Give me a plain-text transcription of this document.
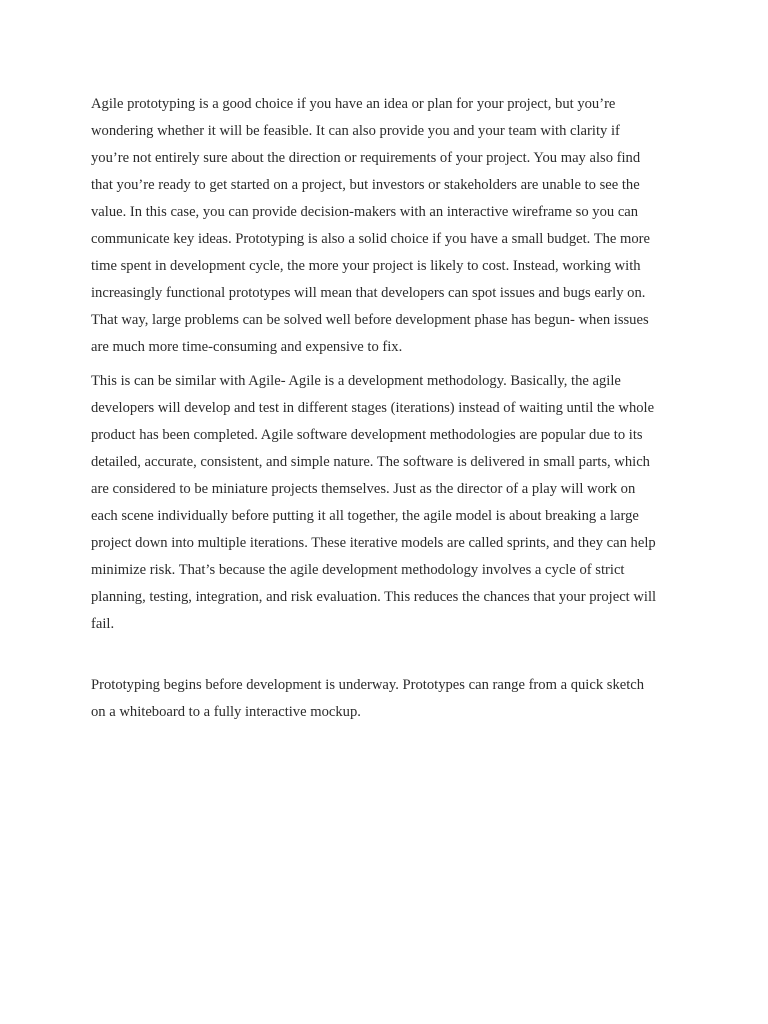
Agile prototyping is a good choice if you have an idea or plan for your project, but you’re
wondering whether it will be feasible. It can also provide you and your team with clarity if
you’re not entirely sure about the direction or requirements of your project. You may also find
that you’re ready to get started on a project, but investors or stakeholders are unable to see the
value. In this case, you can provide decision-makers with an interactive wireframe so you can
communicate key ideas. Prototyping is also a solid choice if you have a small budget. The more
time spent in development cycle, the more your project is likely to cost. Instead, working with
increasingly functional prototypes will mean that developers can spot issues and bugs early on.
That way, large problems can be solved well before development phase has begun- when issues
are much more time-consuming and expensive to fix.

This is can be similar with Agile- Agile is a development methodology. Basically, the agile
developers will develop and test in different stages (iterations) instead of waiting until the whole
product has been completed. Agile software development methodologies are popular due to its
detailed, accurate, consistent, and simple nature. The software is delivered in small parts, which
are considered to be miniature projects themselves. Just as the director of a play will work on
each scene individually before putting it all together, the agile model is about breaking a large
project down into multiple iterations. These iterative models are called sprints, and they can help
minimize risk. That’s because the agile development methodology involves a cycle of strict
planning, testing, integration, and risk evaluation. This reduces the chances that your project will
fail.

Prototyping begins before development is underway. Prototypes can range from a quick sketch
on a whiteboard to a fully interactive mockup.
